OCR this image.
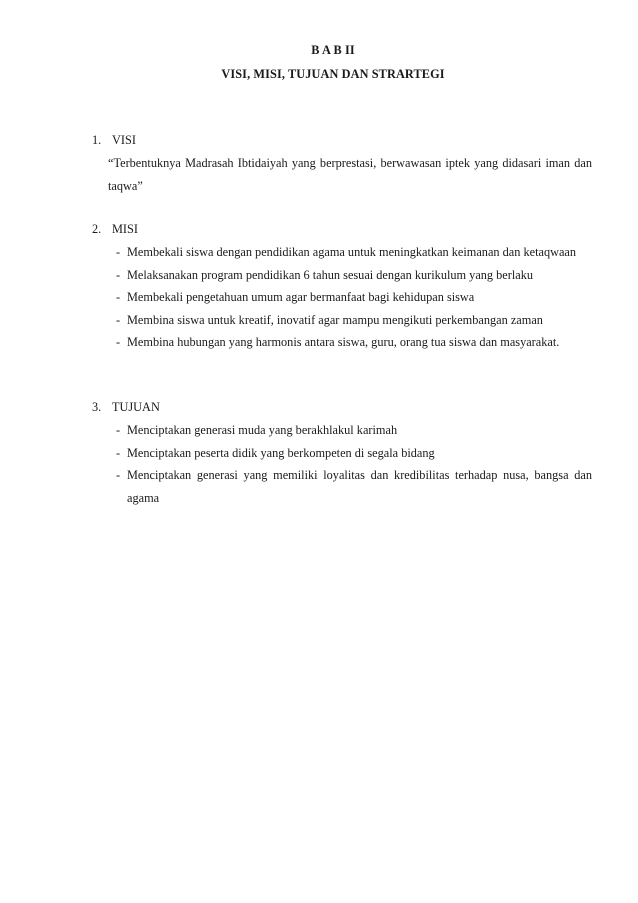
B A B II
VISI, MISI, TUJUAN DAN STRARTEGI
1. VISI
“Terbentuknya Madrasah Ibtidaiyah yang berprestasi, berwawasan iptek yang didasari iman dan taqwa”
2. MISI
- Membekali siswa dengan pendidikan agama untuk meningkatkan keimanan dan ketaqwaan
- Melaksanakan program pendidikan 6 tahun sesuai dengan kurikulum yang berlaku
- Membekali pengetahuan umum agar bermanfaat bagi kehidupan siswa
- Membina siswa untuk kreatif, inovatif agar mampu mengikuti perkembangan zaman
- Membina hubungan yang harmonis antara siswa, guru, orang tua siswa dan masyarakat.
3. TUJUAN
- Menciptakan generasi muda yang berakhlakul karimah
- Menciptakan peserta didik yang berkompeten di segala bidang
- Menciptakan generasi yang memiliki loyalitas dan kredibilitas terhadap nusa, bangsa dan agama
